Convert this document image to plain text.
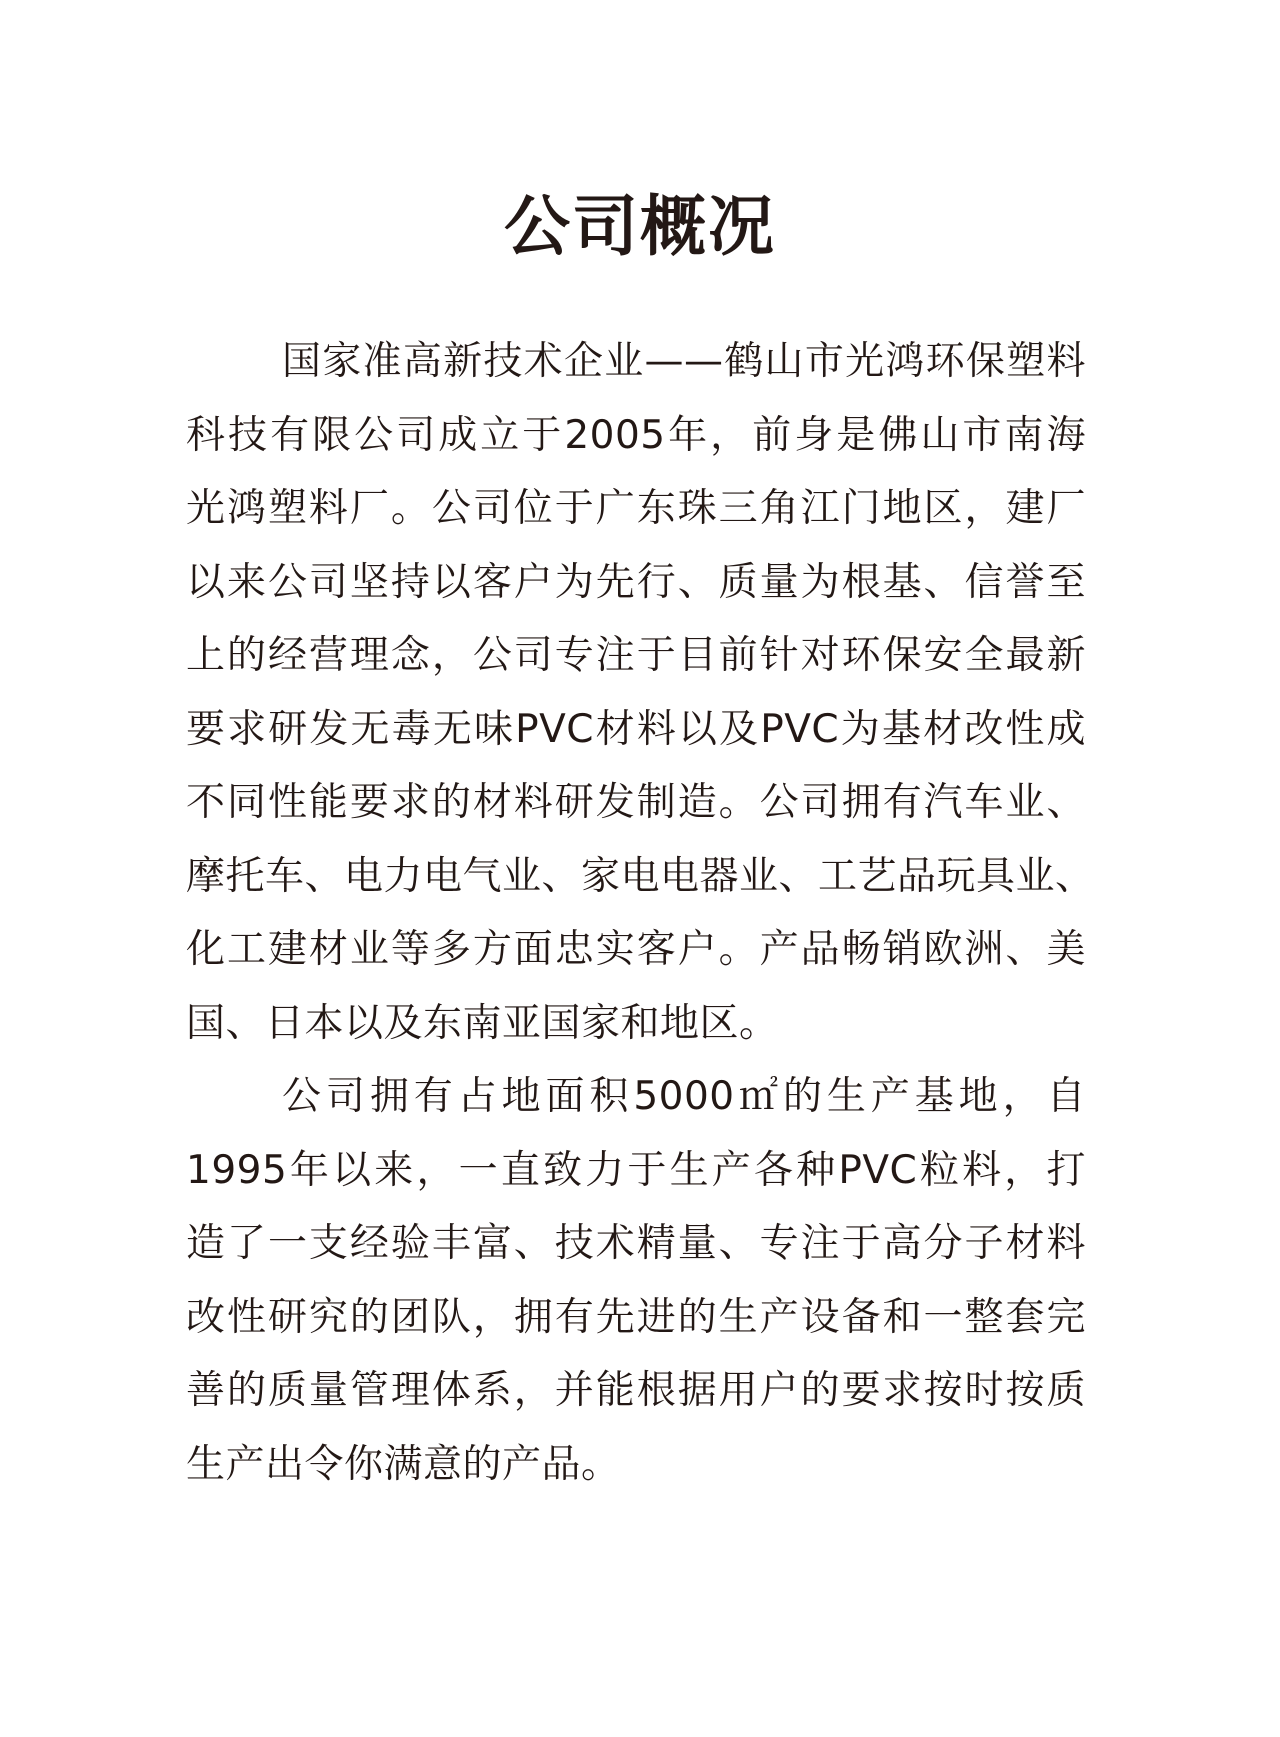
公司概况
国家准高新技术企业——鹤山市光鸿环保塑料
科技有限公司成立于2005年，前身是佛山市南海
光鸿塑料厂。公司位于广东珠三角江门地区，建厂
以来公司坚持以客户为先行、质量为根基、信誉至
上的经营理念，公司专注于目前针对环保安全最新
要求研发无毒无味PVC材料以及PVC为基材改性成
不同性能要求的材料研发制造。公司拥有汽车业、
摩托车、电力电气业、家电电器业、工艺品玩具业、
化工建材业等多方面忠实客户。产品畅销欧洲、美
国、日本以及东南亚国家和地区。
公司拥有占地面积5000㎡的生产基地，自
1995年以来，一直致力于生产各种PVC粒料，打
造了一支经验丰富、技术精量、专注于高分子材料
改性研究的团队，拥有先进的生产设备和一整套完
善的质量管理体系，并能根据用户的要求按时按质
生产出令你满意的产品。
